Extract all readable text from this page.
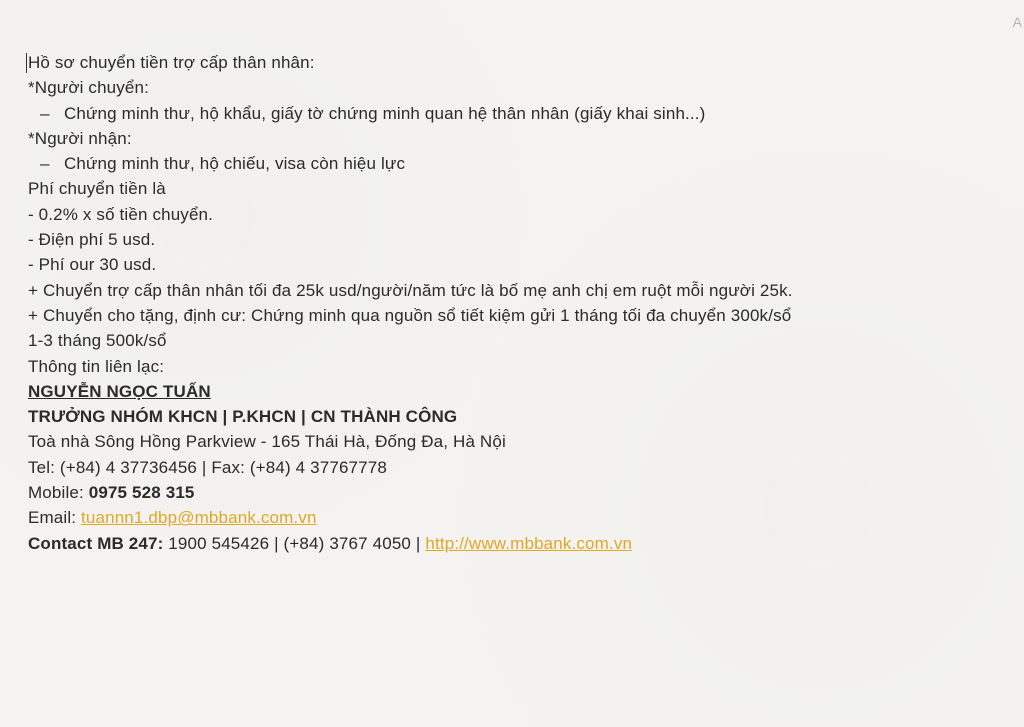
A
Hồ sơ chuyển tiền trợ cấp thân nhân:
*Người chuyển:
– Chứng minh thư, hộ khẩu, giấy tờ chứng minh quan hệ thân nhân (giấy khai sinh...)
*Người nhận:
– Chứng minh thư, hộ chiếu, visa còn hiệu lực
Phí chuyển tiền là
- 0.2% x số tiền chuyển.
- Điện phí 5 usd.
- Phí our 30 usd.
+ Chuyển trợ cấp thân nhân tối đa 25k usd/người/năm tức là bố mẹ anh chị em ruột mỗi người 25k.
+ Chuyển cho tặng, định cư: Chứng minh qua nguồn sổ tiết kiệm gửi 1 tháng tối đa chuyển 300k/sổ
1-3 tháng 500k/sổ
Thông tin liên lạc:
NGUYỄN NGỌC TUẤN
TRƯỞNG NHÓM KHCN | P.KHCN | CN THÀNH CÔNG
Toà nhà Sông Hồng Parkview - 165 Thái Hà, Đống Đa, Hà Nội
Tel: (+84) 4 37736456 | Fax: (+84) 4 37767778
Mobile: 0975 528 315
Email: tuannn1.dbp@mbbank.com.vn
Contact MB 247: 1900 545426 | (+84) 3767 4050 | http://www.mbbank.com.vn
